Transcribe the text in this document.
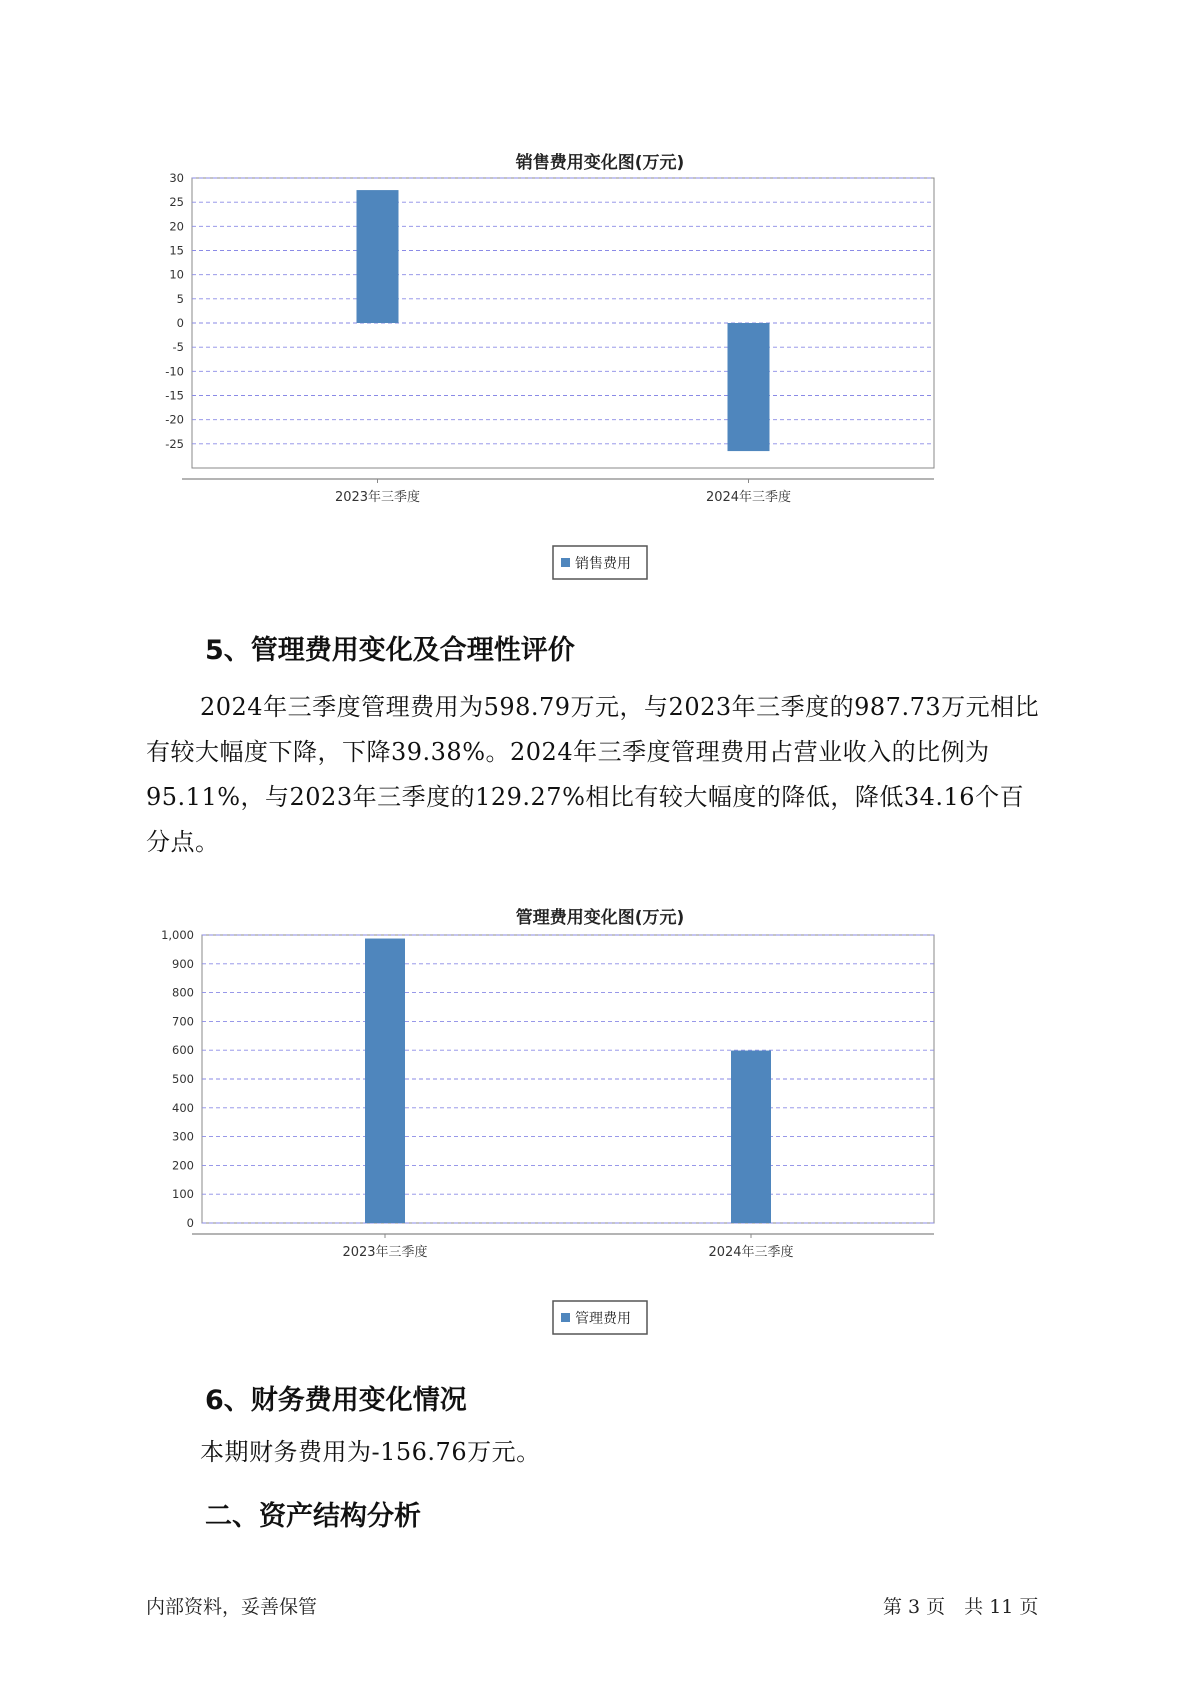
销售费用变化图(万元)
30
25
20
15
10
5
0
-5
-10
-15
-20
-25
2023年三季度	2024年三季度
销售费用
5、管理费用变化及合理性评价

2024年三季度管理费用为598.79万元，与2023年三季度的987.73万元相比有较大幅度下降，下降39.38%。2024年三季度管理费用占营业收入的比例为95.11%，与2023年三季度的129.27%相比有较大幅度的降低，降低34.16个百分点。

管理费用变化图(万元)
1,000
900
800
700
600
500
400
300
200
100
0
2023年三季度	2024年三季度
管理费用
6、财务费用变化情况

本期财务费用为-156.76万元。

二、资产结构分析
内部资料，妥善保管	第 3 页　共 11 页
